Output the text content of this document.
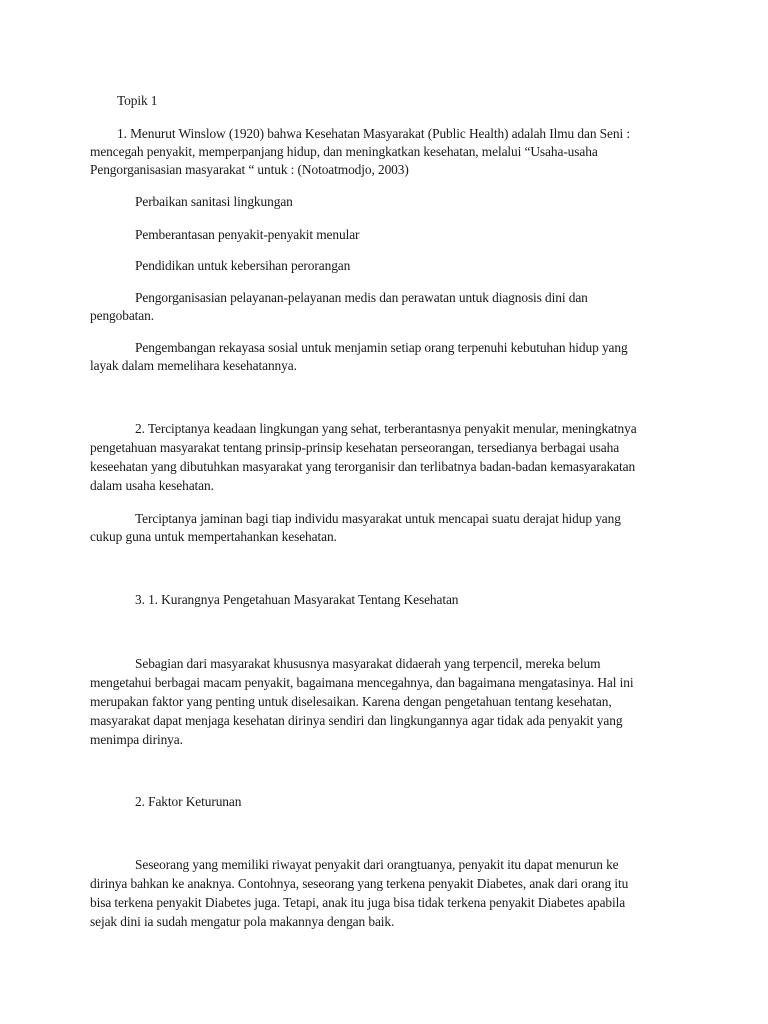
Topik 1
1. Menurut Winslow (1920) bahwa Kesehatan Masyarakat (Public Health) adalah Ilmu dan Seni :
mencegah penyakit, memperpanjang hidup, dan meningkatkan kesehatan, melalui “Usaha-usaha
Pengorganisasian masyarakat “ untuk : (Notoatmodjo, 2003)
Perbaikan sanitasi lingkungan
Pemberantasan penyakit-penyakit menular
Pendidikan untuk kebersihan perorangan
Pengorganisasian pelayanan-pelayanan medis dan perawatan untuk diagnosis dini dan
pengobatan.
Pengembangan rekayasa sosial untuk menjamin setiap orang terpenuhi kebutuhan hidup yang
layak dalam memelihara kesehatannya.
2. Terciptanya keadaan lingkungan yang sehat, terberantasnya penyakit menular, meningkatnya
pengetahuan masyarakat tentang prinsip-prinsip kesehatan perseorangan, tersedianya berbagai usaha
keseehatan yang dibutuhkan masyarakat yang terorganisir dan terlibatnya badan-badan kemasyarakatan
dalam usaha kesehatan.
Terciptanya jaminan bagi tiap individu masyarakat untuk mencapai suatu derajat hidup yang
cukup guna untuk mempertahankan kesehatan.
3. 1. Kurangnya Pengetahuan Masyarakat Tentang Kesehatan
Sebagian dari masyarakat khususnya masyarakat didaerah yang terpencil, mereka belum
mengetahui berbagai macam penyakit, bagaimana mencegahnya, dan bagaimana mengatasinya. Hal ini
merupakan faktor yang penting untuk diselesaikan. Karena dengan pengetahuan tentang kesehatan,
masyarakat dapat menjaga kesehatan dirinya sendiri dan lingkungannya agar tidak ada penyakit yang
menimpa dirinya.
2. Faktor Keturunan
Seseorang yang memiliki riwayat penyakit dari orangtuanya, penyakit itu dapat menurun ke
dirinya bahkan ke anaknya. Contohnya, seseorang yang terkena penyakit Diabetes, anak dari orang itu
bisa terkena penyakit Diabetes juga. Tetapi, anak itu juga bisa tidak terkena penyakit Diabetes apabila
sejak dini ia sudah mengatur pola makannya dengan baik.
